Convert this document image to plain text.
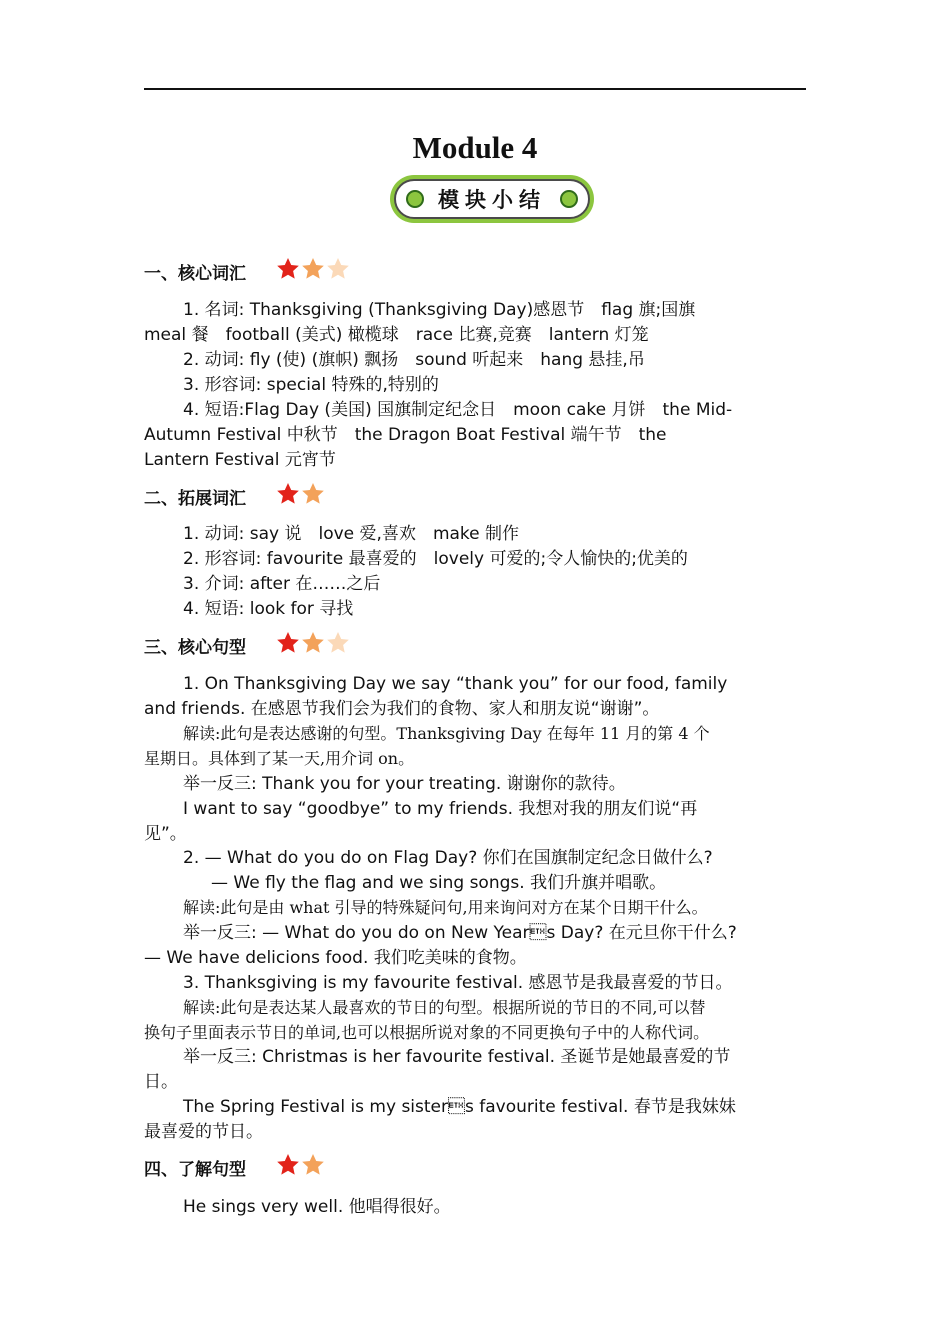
Module 4
模块小结
一、核心词汇
二、拓展词汇
三、核心句型
四、了解句型
1. 名词: Thanksgiving (Thanksgiving Day)感恩节　flag 旗;国旗
meal 餐　football (美式) 橄榄球　race 比赛,竞赛　lantern 灯笼
2. 动词: fly (使) (旗帜) 飘扬　sound 听起来　hang 悬挂,吊
3. 形容词: special 特殊的,特别的
4. 短语:Flag Day (美国) 国旗制定纪念日　moon cake 月饼　the Mid-
Autumn Festival 中秋节　the Dragon Boat Festival 端午节　the
Lantern Festival 元宵节
1. 动词: say 说　love 爱,喜欢　make 制作
2. 形容词: favourite 最喜爱的　lovely 可爱的;令人愉快的;优美的
3. 介词: after 在……之后
4. 短语: look for 寻找
1. On Thanksgiving Day we say “thank you” for our food, family
and friends. 在感恩节我们会为我们的食物、家人和朋友说“谢谢”。
解读:此句是表达感谢的句型。Thanksgiving Day 在每年 11 月的第 4 个
星期日。具体到了某一天,用介词 on。
举一反三: Thank you for your treating. 谢谢你的款待。
I want to say “goodbye” to my friends. 我想对我的朋友们说“再
见”。
2. — What do you do on Flag Day? 你们在国旗制定纪念日做什么?
— We fly the flag and we sing songs. 我们升旗并唱歌。
解读:此句是由 what 引导的特殊疑问句,用来询问对方在某个日期干什么。
举一反三: — What do you do on New Years Day? 在元旦你干什么?
— We have delicions food. 我们吃美味的食物。
3. Thanksgiving is my favourite festival. 感恩节是我最喜爱的节日。
解读:此句是表达某人最喜欢的节日的句型。根据所说的节日的不同,可以替
换句子里面表示节日的单词,也可以根据所说对象的不同更换句子中的人称代词。
举一反三: Christmas is her favourite festival. 圣诞节是她最喜爱的节
日。
The Spring Festival is my sisters favourite festival. 春节是我妹妹
最喜爱的节日。
He sings very well. 他唱得很好。
